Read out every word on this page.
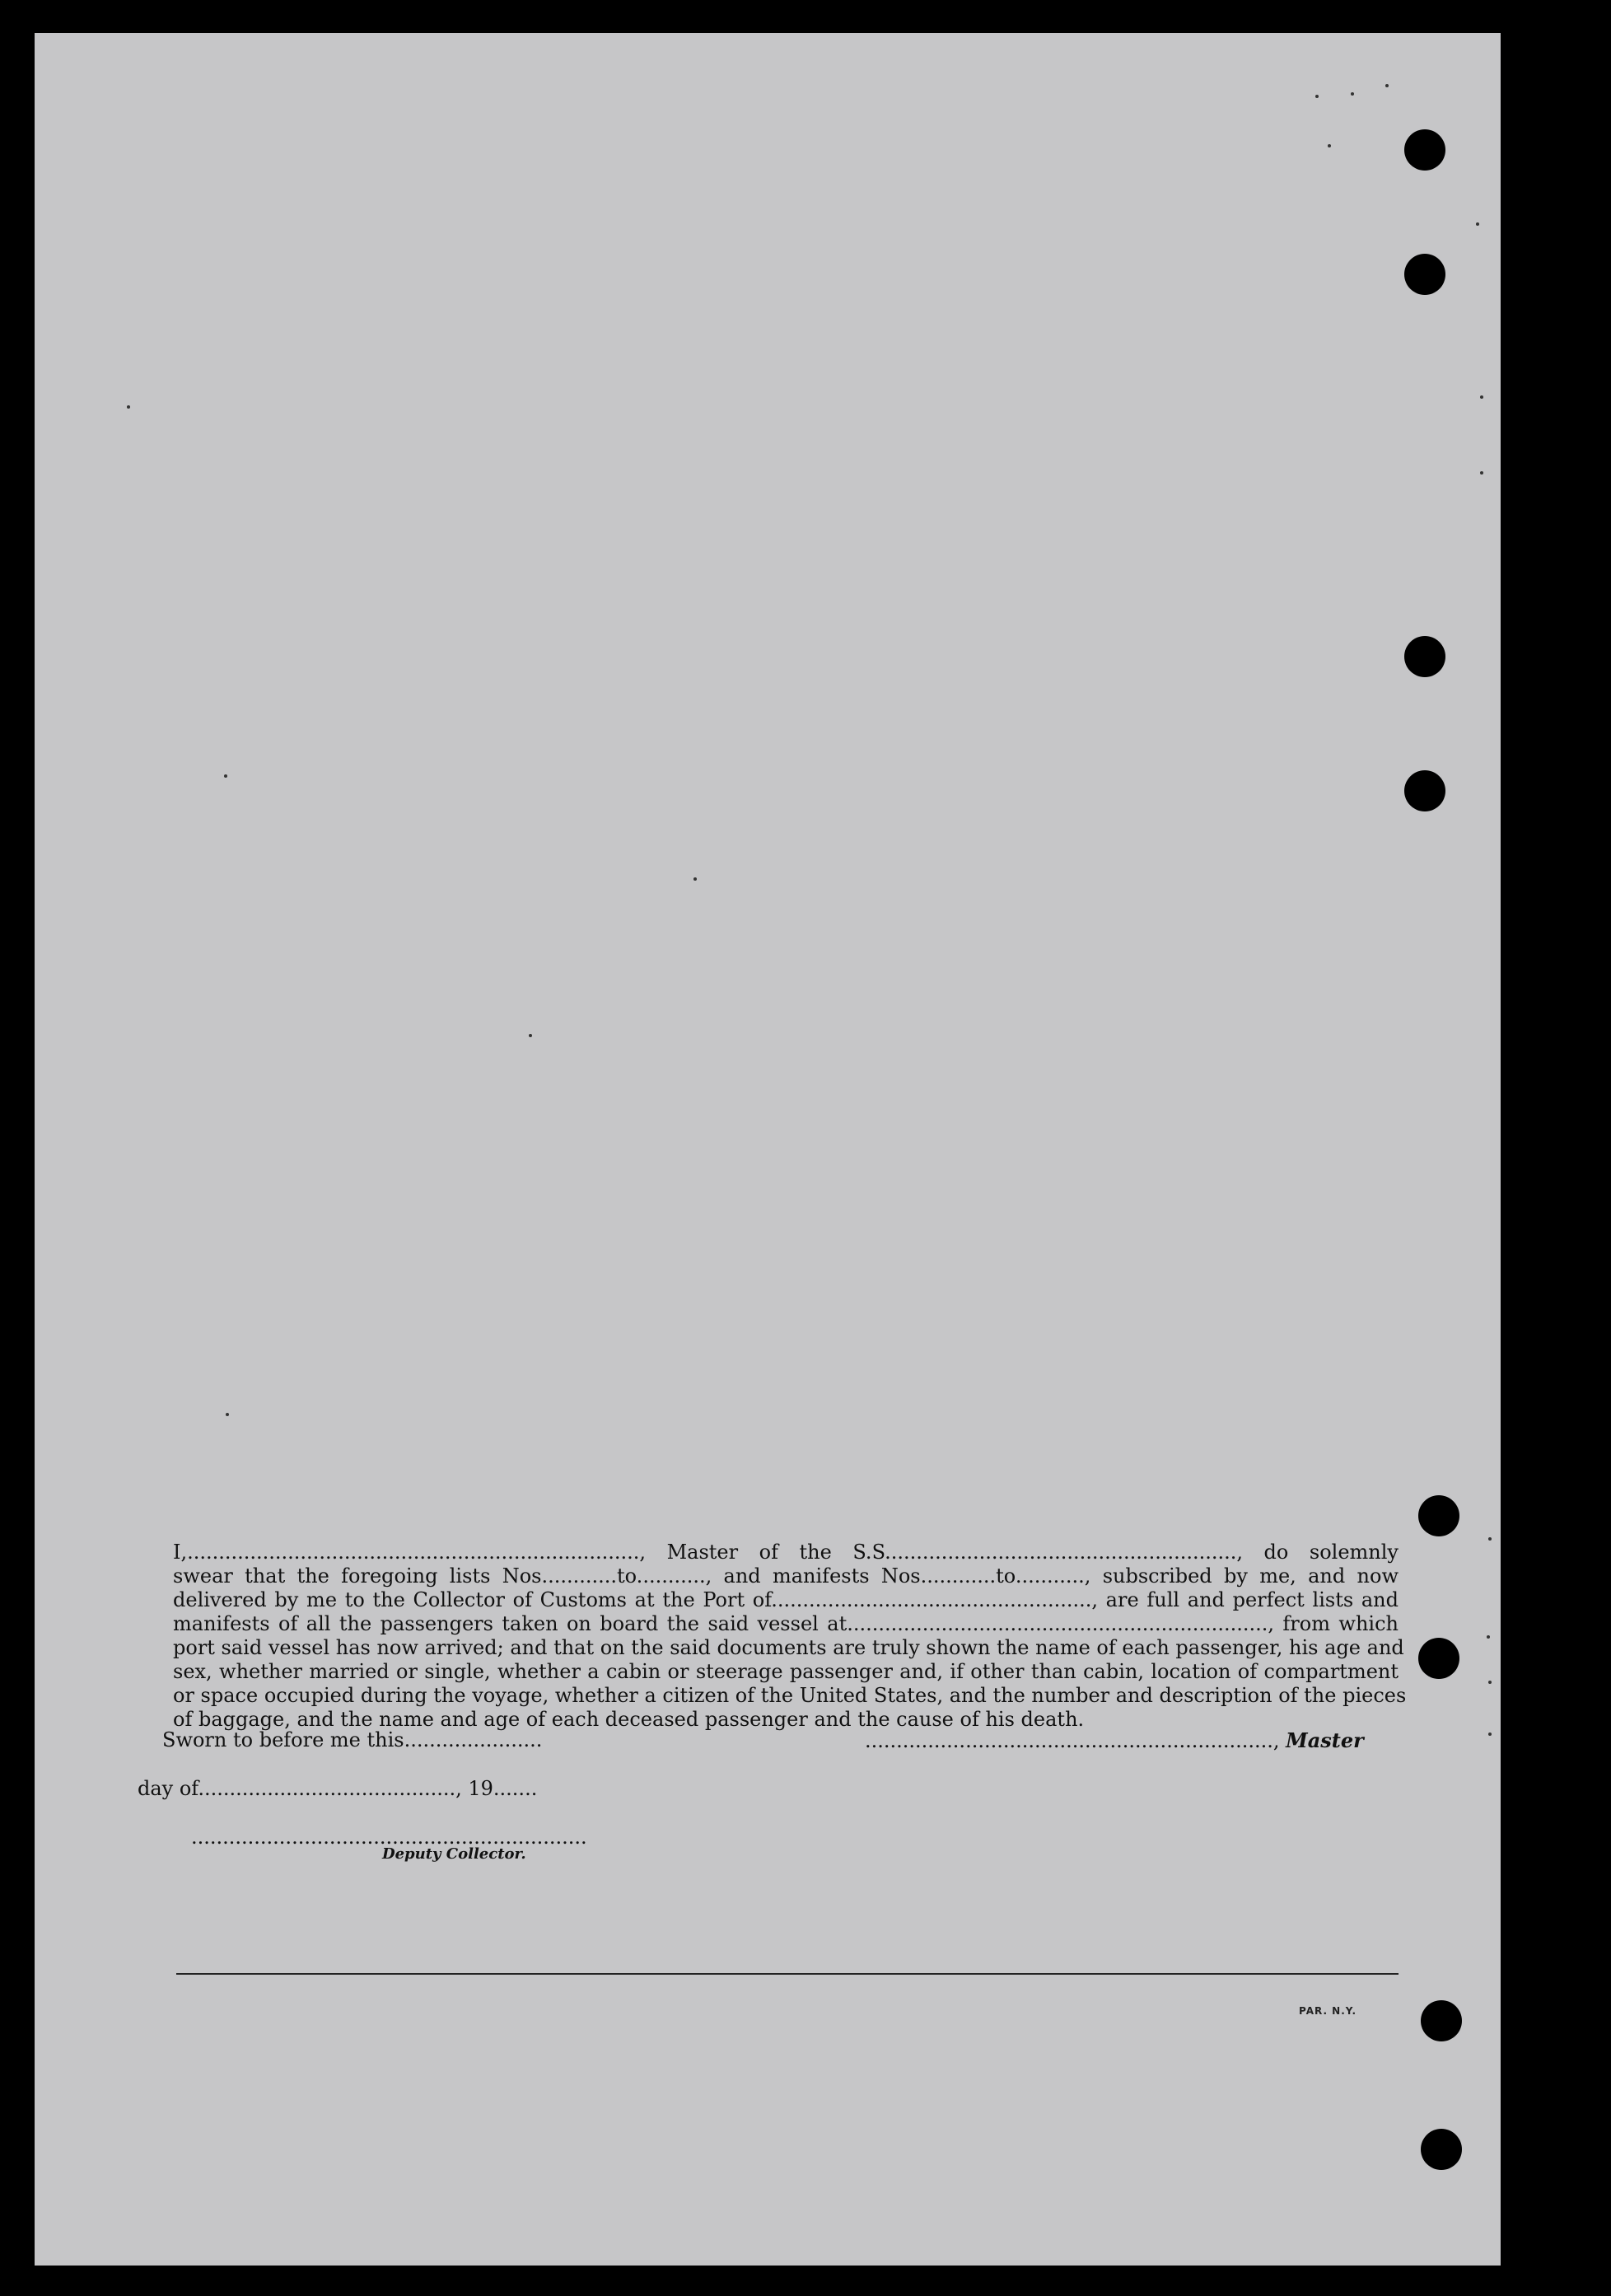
I,........................................................................, Master of the S.S........................................................, do solemnly
swear that the foregoing lists Nos............to..........., and manifests Nos............to..........., subscribed by me, and now
delivered by me to the Collector of Customs at the Port of..................................................., are full and perfect lists and
manifests of all the passengers taken on board the said vessel at..................................................................., from which
port said vessel has now arrived; and that on the said documents are truly shown the name of each passenger, his age and
sex, whether married or single, whether a cabin or steerage passenger and, if other than cabin, location of compartment
or space occupied during the voyage, whether a citizen of the United States, and the number and description of the pieces
of baggage, and the name and age of each deceased passenger and the cause of his death.
Sworn to before me this......................	................................................................., Master
day of........................................., 19.......
...............................................................
Deputy Collector.
PAR. N.Y.
